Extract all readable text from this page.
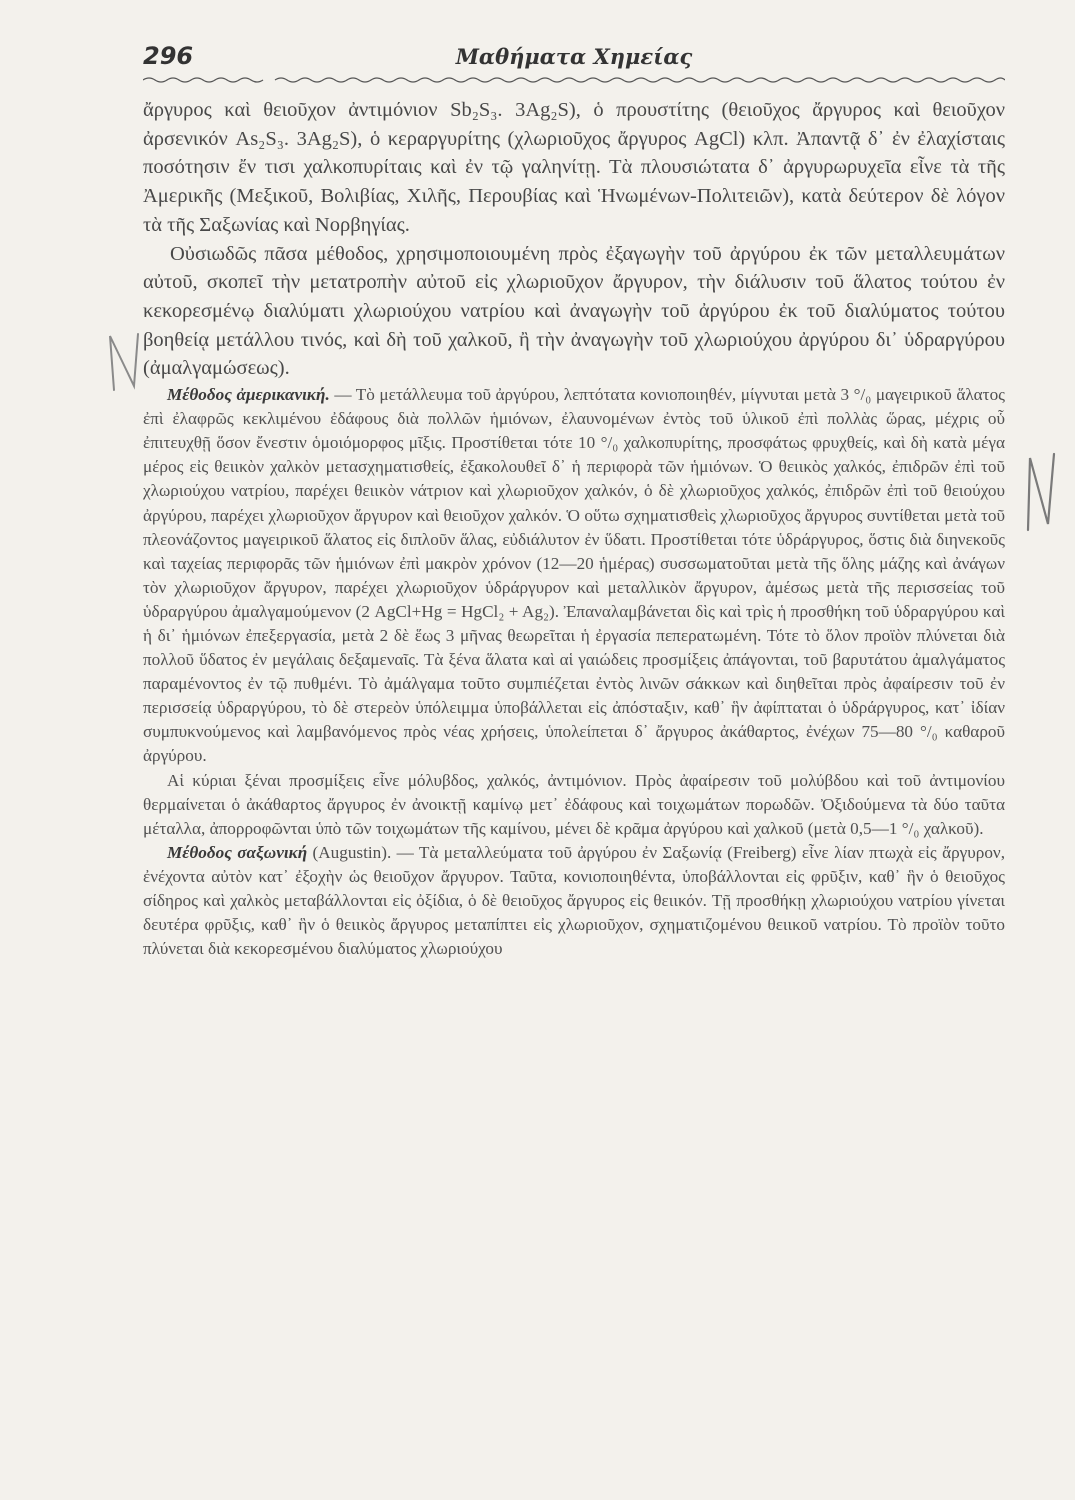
296	Μαθήματα Χημείας

ἄργυρος καὶ θειοῦχον ἀντιμόνιον Sb₂S₃. 3Ag₂S), ὁ προυστίτης (θειοῦχος ἄργυρος καὶ θειοῦχον ἀρσενικόν As₂S₃. 3Ag₂S), ὁ κεραργυρίτης (χλωριοῦχος ἄργυρος AgCl) κλπ. Ἀπαντᾷ δ᾽ ἐν ἐλαχίσταις ποσότησιν ἔν τισι χαλκοπυρίταις καὶ ἐν τῷ γαληνίτῃ. Τὰ πλουσιώτατα δ᾽ ἀργυρωρυχεῖα εἶνε τὰ τῆς Ἀμερικῆς (Μεξικοῦ, Βολιβίας, Χιλῆς, Περουβίας καὶ Ἡνωμένων-Πολιτειῶν), κατὰ δεύτερον δὲ λόγον τὰ τῆς Σαξωνίας καὶ Νορβηγίας.

Οὐσιωδῶς πᾶσα μέθοδος, χρησιμοποιουμένη πρὸς ἐξαγωγὴν τοῦ ἀργύρου ἐκ τῶν μεταλλευμάτων αὐτοῦ, σκοπεῖ τὴν μετατροπὴν αὐτοῦ εἰς χλωριοῦχον ἄργυρον, τὴν διάλυσιν τοῦ ἅλατος τούτου ἐν κεκορεσμένῳ διαλύματι χλωριούχου νατρίου καὶ ἀναγωγὴν τοῦ ἀργύρου ἐκ τοῦ διαλύματος τούτου βοηθείᾳ μετάλλου τινός, καὶ δὴ τοῦ χαλκοῦ, ἢ τὴν ἀναγωγὴν τοῦ χλωριούχου ἀργύρου δι᾽ ὑδραργύρου (ἀμαλγαμώσεως).

Μέθοδος ἀμερικανική. — Τὸ μετάλλευμα τοῦ ἀργύρου, λεπτότατα κονιοποιηθέν, μίγνυται μετὰ 3 °/₀ μαγειρικοῦ ἅλατος ἐπὶ ἐλαφρῶς κεκλιμένου ἐδάφους διὰ πολλῶν ἡμιόνων, ἐλαυνομένων ἐντὸς τοῦ ὑλικοῦ ἐπὶ πολλὰς ὥρας, μέχρις οὗ ἐπιτευχθῇ ὅσον ἔνεστιν ὁμοιόμορφος μῖξις. Προστίθεται τότε 10 °/₀ χαλκοπυρίτης, προσφάτως φρυχθείς, καὶ δὴ κατὰ μέγα μέρος εἰς θειικὸν χαλκὸν μετασχηματισθείς, ἐξακολουθεῖ δ᾽ ἡ περιφορὰ τῶν ἡμιόνων. Ὁ θειικὸς χαλκός, ἐπιδρῶν ἐπὶ τοῦ χλωριούχου νατρίου, παρέχει θειικὸν νάτριον καὶ χλωριοῦχον χαλκόν, ὁ δὲ χλωριοῦχος χαλκός, ἐπιδρῶν ἐπὶ τοῦ θειούχου ἀργύρου, παρέχει χλωριοῦχον ἄργυρον καὶ θειοῦχον χαλκόν. Ὁ οὕτω σχηματισθεὶς χλωριοῦχος ἄργυρος συντίθεται μετὰ τοῦ πλεονάζοντος μαγειρικοῦ ἅλατος εἰς διπλοῦν ἅλας, εὐδιάλυτον ἐν ὕδατι. Προστίθεται τότε ὑδράργυρος, ὅστις διὰ διηνεκοῦς καὶ ταχείας περιφορᾶς τῶν ἡμιόνων ἐπὶ μακρὸν χρόνον (12—20 ἡμέρας) συσσωματοῦται μετὰ τῆς ὅλης μάζης καὶ ἀνάγων τὸν χλωριοῦχον ἄργυρον, παρέχει χλωριοῦχον ὑδράργυρον καὶ μεταλλικὸν ἄργυρον, ἀμέσως μετὰ τῆς περισσείας τοῦ ὑδραργύρου ἀμαλγαμούμενον (2 AgCl+Hg = HgCl₂ + Ag₂). Ἐπαναλαμβάνεται δὶς καὶ τρὶς ἡ προσθήκη τοῦ ὑδραργύρου καὶ ἡ δι᾽ ἡμιόνων ἐπεξεργασία, μετὰ 2 δὲ ἕως 3 μῆνας θεωρεῖται ἡ ἐργασία πεπερατωμένη. Τότε τὸ ὅλον προϊὸν πλύνεται διὰ πολλοῦ ὕδατος ἐν μεγάλαις δεξαμεναῖς. Τὰ ξένα ἅλατα καὶ αἱ γαιώδεις προσμίξεις ἀπάγονται, τοῦ βαρυτάτου ἀμαλγάματος παραμένοντος ἐν τῷ πυθμένι. Τὸ ἀμάλγαμα τοῦτο συμπιέζεται ἐντὸς λινῶν σάκκων καὶ διηθεῖται πρὸς ἀφαίρεσιν τοῦ ἐν περισσείᾳ ὑδραργύρου, τὸ δὲ στερεὸν ὑπόλειμμα ὑποβάλλεται εἰς ἀπόσταξιν, καθ᾽ ἣν ἀφίπταται ὁ ὑδράργυρος, κατ᾽ ἰδίαν συμπυκνούμενος καὶ λαμβανόμενος πρὸς νέας χρήσεις, ὑπολείπεται δ᾽ ἄργυρος ἀκάθαρτος, ἐνέχων 75—80 °/₀ καθαροῦ ἀργύρου.

Αἱ κύριαι ξέναι προσμίξεις εἶνε μόλυβδος, χαλκός, ἀντιμόνιον. Πρὸς ἀφαίρεσιν τοῦ μολύβδου καὶ τοῦ ἀντιμονίου θερμαίνεται ὁ ἀκάθαρτος ἄργυρος ἐν ἀνοικτῇ καμίνῳ μετ᾽ ἐδάφους καὶ τοιχωμάτων πορωδῶν. Ὀξιδούμενα τὰ δύο ταῦτα μέταλλα, ἀπορροφῶνται ὑπὸ τῶν τοιχωμάτων τῆς καμίνου, μένει δὲ κρᾶμα ἀργύρου καὶ χαλκοῦ (μετὰ 0,5—1 °/₀ χαλκοῦ).

Μέθοδος σαξωνική (Augustin). — Τὰ μεταλλεύματα τοῦ ἀργύρου ἐν Σαξωνίᾳ (Freiberg) εἶνε λίαν πτωχὰ εἰς ἄργυρον, ἐνέχοντα αὐτὸν κατ᾽ ἐξοχὴν ὡς θειοῦχον ἄργυρον. Ταῦτα, κονιοποιηθέντα, ὑποβάλλονται εἰς φρῦξιν, καθ᾽ ἣν ὁ θειοῦχος σίδηρος καὶ χαλκὸς μεταβάλλονται εἰς ὀξίδια, ὁ δὲ θειοῦχος ἄργυρος εἰς θειικόν. Τῇ προσθήκῃ χλωριούχου νατρίου γίνεται δευτέρα φρῦξις, καθ᾽ ἣν ὁ θειικὸς ἄργυρος μεταπίπτει εἰς χλωριοῦχον, σχηματιζομένου θειικοῦ νατρίου. Τὸ προϊὸν τοῦτο πλύνεται διὰ κεκορεσμένου διαλύματος χλωριούχου
